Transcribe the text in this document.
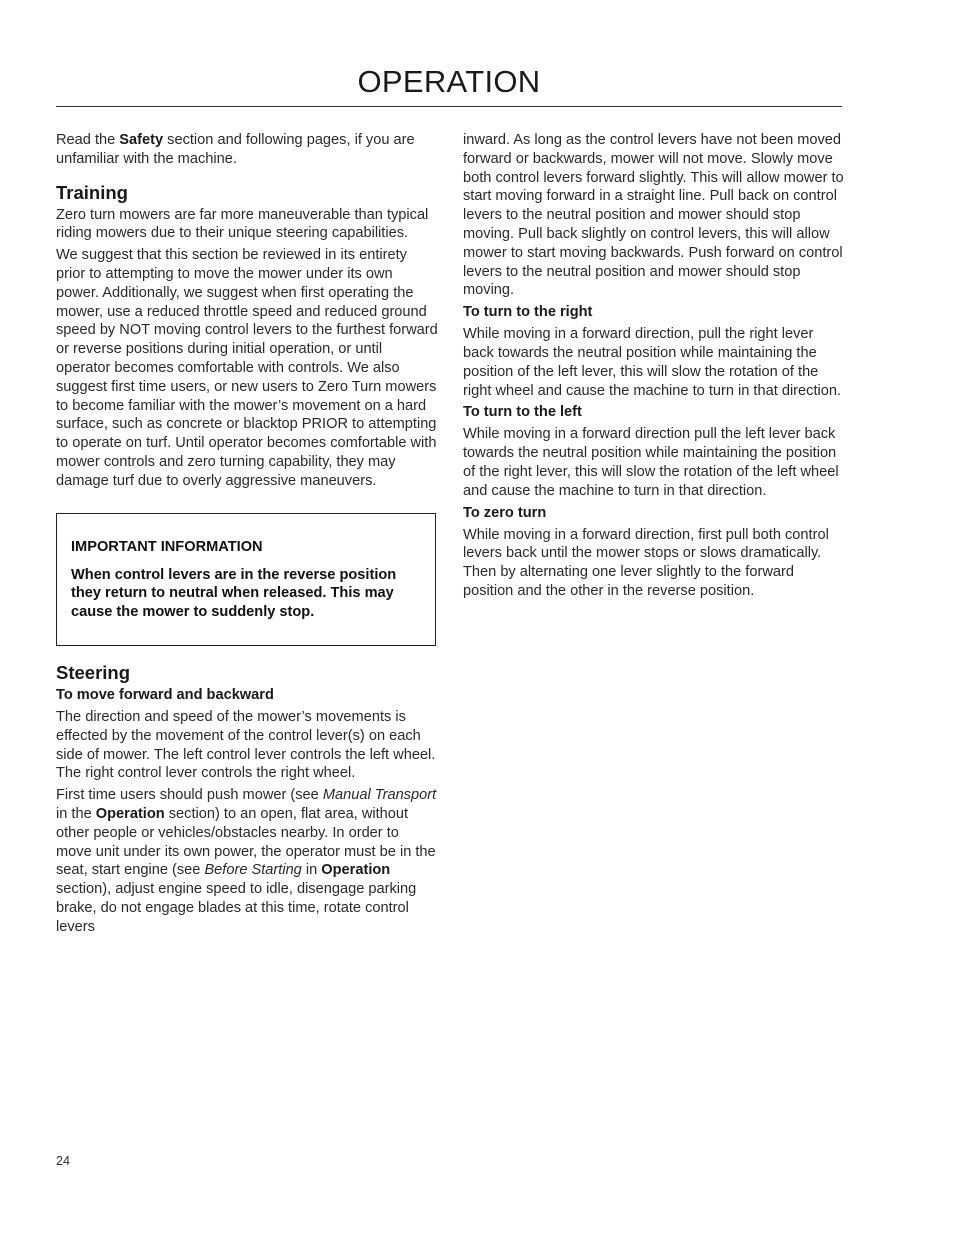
OPERATION

Read the Safety section and following pages, if you are unfamiliar with the machine.

Training

Zero turn mowers are far more maneuverable than typical riding mowers due to their unique steering capabilities.

We suggest that this section be reviewed in its entirety prior to attempting to move the mower under its own power. Additionally, we suggest when first operating the mower, use a reduced throttle speed and reduced ground speed by NOT moving control levers to the furthest forward or reverse positions during initial operation, or until operator becomes comfortable with controls. We also suggest first time users, or new users to Zero Turn mowers to become familiar with the mower’s movement on a hard surface, such as concrete or blacktop PRIOR to attempting to operate on turf. Until operator becomes comfortable with mower controls and zero turning capability, they may damage turf due to overly aggressive maneuvers.

IMPORTANT INFORMATION
When control levers are in the reverse position they return to neutral when released. This may cause the mower to suddenly stop.
Steering
To move forward and backward

The direction and speed of the mower’s movements is effected by the movement of the control lever(s) on each side of mower. The left control lever controls the left wheel. The right control lever controls the right wheel.

First time users should push mower (see Manual Transport in the Operation section) to an open, flat area, without other people or vehicles/obstacles nearby. In order to move unit under its own power, the operator must be in the seat, start engine (see Before Starting in Operation section), adjust engine speed to idle, disengage parking brake, do not engage blades at this time, rotate control levers

inward. As long as the control levers have not been moved forward or backwards, mower will not move. Slowly move both control levers forward slightly. This will allow mower to start moving forward in a straight line. Pull back on control levers to the neutral position and mower should stop moving. Pull back slightly on control levers, this will allow mower to start moving backwards. Push forward on control levers to the neutral position and mower should stop moving.

To turn to the right

While moving in a forward direction, pull the right lever back towards the neutral position while maintaining the position of the left lever, this will slow the rotation of the right wheel and cause the machine to turn in that direction.

To turn to the left

While moving in a forward direction pull the left lever back towards the neutral position while maintaining the position of the right lever, this will slow the rotation of the left wheel and cause the machine to turn in that direction.

To zero turn

While moving in a forward direction, first pull both control levers back until the mower stops or slows dramatically. Then by alternating one lever slightly to the forward position and the other in the reverse position.

24
